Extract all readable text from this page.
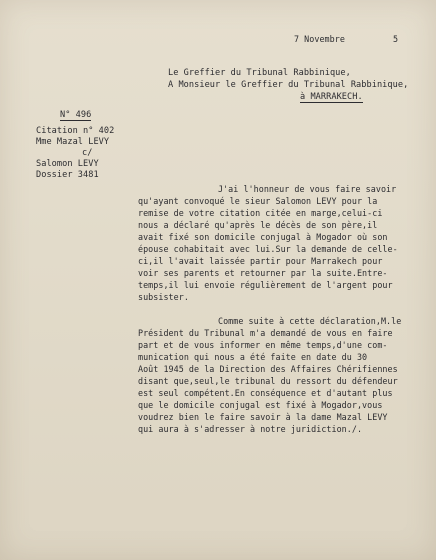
7 Novembre	5
Le Greffier du Tribunal Rabbinique,
A Monsieur le Greffier du Tribunal Rabbinique,
à MARRAKECH.
N° 496
Citation n° 402
Mme Mazal LEVY
c/
Salomon LEVY
Dossier 3481
J'ai l'honneur de vous faire savoir
qu'ayant convoqué le sieur Salomon LEVY pour la
remise de votre citation citée en marge,celui-ci
nous a déclaré qu'après le décès de son père,il
avait fixé son domicile conjugal à Mogador où son
épouse cohabitait avec lui.Sur la demande de celle-
ci,il l'avait laissée partir pour Marrakech pour
voir ses parents et retourner par la suite.Entre-
temps,il lui envoie régulièrement de l'argent pour
subsister.
Comme suite à cette déclaration,M.le
Président du Tribunal m'a demandé de vous en faire
part et de vous informer en même temps,d'une com-
munication qui nous a été faite en date du 30
Août 1945 de la Direction des Affaires Chérifiennes
disant que,seul,le tribunal du ressort du défendeur
est seul compétent.En conséquence et d'autant plus
que le domicile conjugal est fixé à Mogador,vous
voudrez bien le faire savoir à la dame Mazal LEVY
qui aura à s'adresser à notre juridiction./.
